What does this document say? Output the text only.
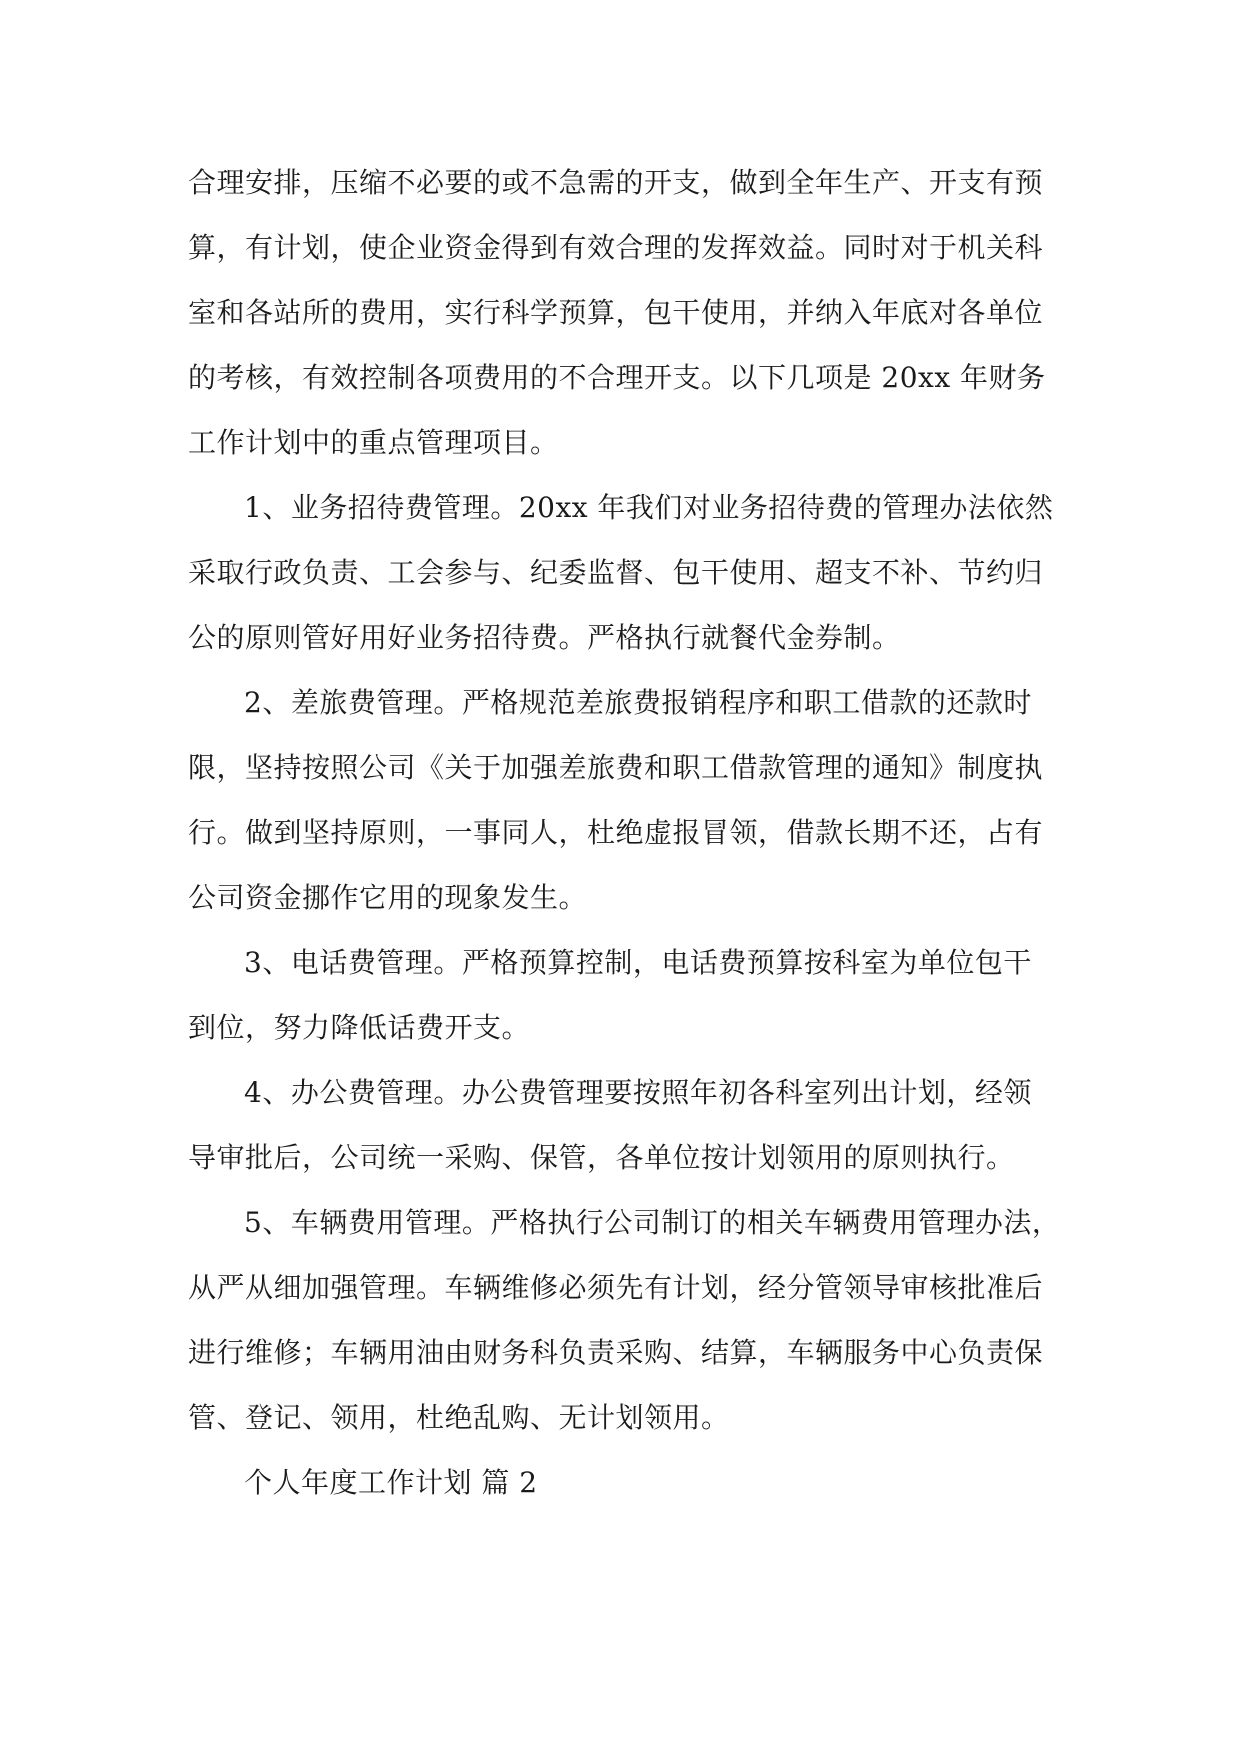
合理安排，压缩不必要的或不急需的开支，做到全年生产、开支有预
算，有计划，使企业资金得到有效合理的发挥效益。同时对于机关科
室和各站所的费用，实行科学预算，包干使用，并纳入年底对各单位
的考核，有效控制各项费用的不合理开支。以下几项是 20xx 年财务
工作计划中的重点管理项目。
1、业务招待费管理。20xx 年我们对业务招待费的管理办法依然
采取行政负责、工会参与、纪委监督、包干使用、超支不补、节约归
公的原则管好用好业务招待费。严格执行就餐代金券制。
2、差旅费管理。严格规范差旅费报销程序和职工借款的还款时
限，坚持按照公司《关于加强差旅费和职工借款管理的通知》制度执
行。做到坚持原则，一事同人，杜绝虚报冒领，借款长期不还，占有
公司资金挪作它用的现象发生。
3、电话费管理。严格预算控制，电话费预算按科室为单位包干
到位，努力降低话费开支。
4、办公费管理。办公费管理要按照年初各科室列出计划，经领
导审批后，公司统一采购、保管，各单位按计划领用的原则执行。
5、车辆费用管理。严格执行公司制订的相关车辆费用管理办法，
从严从细加强管理。车辆维修必须先有计划，经分管领导审核批准后
进行维修；车辆用油由财务科负责采购、结算，车辆服务中心负责保
管、登记、领用，杜绝乱购、无计划领用。
个人年度工作计划 篇 2
